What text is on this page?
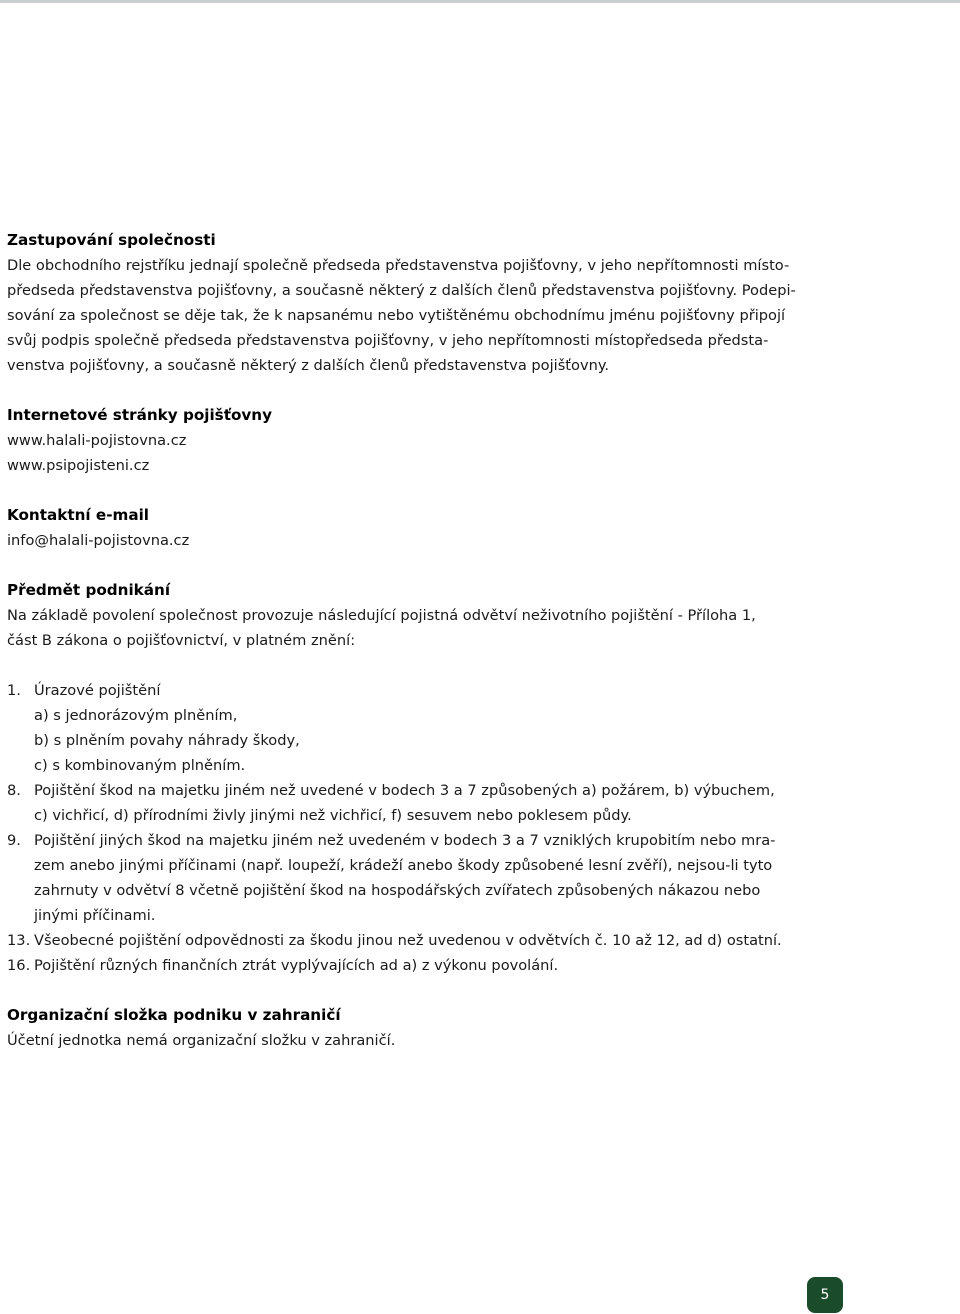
Zastupování společnosti
Dle obchodního rejstříku jednají společně předseda představenstva pojišťovny, v jeho nepřítomnosti místo-
předseda představenstva pojišťovny, a současně některý z dalších členů představenstva pojišťovny. Podepi-
sování za společnost se děje tak, že k napsanému nebo vytištěnému obchodnímu jménu pojišťovny připojí
svůj podpis společně předseda představenstva pojišťovny, v jeho nepřítomnosti místopředseda předsta-
venstva pojišťovny, a současně některý z dalších členů představenstva pojišťovny.
Internetové stránky pojišťovny
www.halali-pojistovna.cz
www.psipojisteni.cz
Kontaktní e-mail
info@halali-pojistovna.cz
Předmět podnikání
Na základě povolení společnost provozuje následující pojistná odvětví neživotního pojištění - Příloha 1,
část B zákona o pojišťovnictví, v platném znění:

1. Úrazové pojištění
a) s jednorázovým plněním,
b) s plněním povahy náhrady škody,
c) s kombinovaným plněním.
8. Pojištění škod na majetku jiném než uvedené v bodech 3 a 7 způsobených a) požárem, b) výbuchem,
c) vichřicí, d) přírodními živly jinými než vichřicí, f) sesuvem nebo poklesem půdy.
9. Pojištění jiných škod na majetku jiném než uvedeném v bodech 3 a 7 vzniklých krupobitím nebo mra-
zem anebo jinými příčinami (např. loupeží, krádeží anebo škody způsobené lesní zvěří), nejsou-li tyto
zahrnuty v odvětví 8 včetně pojištění škod na hospodářských zvířatech způsobených nákazou nebo
jinými příčinami.
13. Všeobecné pojištění odpovědnosti za škodu jinou než uvedenou v odvětvích č. 10 až 12, ad d) ostatní.
16. Pojištění různých finančních ztrát vyplývajících ad a) z výkonu povolání.
Organizační složka podniku v zahraničí
Účetní jednotka nemá organizační složku v zahraničí.
5
